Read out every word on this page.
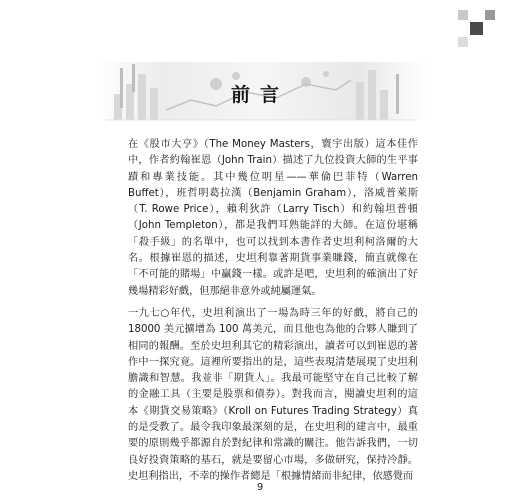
前言

在《股市大亨》（The Money Masters，寰宇出版）這本佳作中，作者約翰崔恩（John Train）描述了九位投資大師的生平事蹟和專業技能。其中幾位明星——華倫巴菲特（Warren Buffet），班哲明葛拉漢（Benjamin Graham），洛威普萊斯（T. Rowe Price），賴利狄許（Larry Tisch）和約翰坦普頓（John Templeton），都是我們耳熟能詳的大師。在這份堪稱「殺手級」的名單中，也可以找到本書作者史坦利柯洛爾的大名。根據崔恩的描述，史坦利靠著期貨事業賺錢，簡直就像在「不可能的賭場」中贏錢一樣。或許是吧，史坦利的確演出了好幾場精彩好戲，但那絕非意外或純屬運氣。

一九七○年代，史坦利演出了一場為時三年的好戲，將自己的 18000 美元擴增為 100 萬美元，而且他也為他的合夥人賺到了相同的報酬。至於史坦利其它的精彩演出，讀者可以到崔恩的著作中一探究竟。這裡所要指出的是，這些表現清楚展現了史坦利膽識和智慧。我並非「期貨人」。我最可能堅守在自己比較了解的金融工具（主要是股票和債券）。對我而言，閱讀史坦利的這本《期貨交易策略》（Kroll on Futures Trading Strategy）真的是受教了。最令我印象最深刻的是，在史坦利的建言中，最重要的原則幾乎都源自於對紀律和常識的關注。他告訴我們，一切良好投資策略的基石，就是要留心市場，多做研究，保持冷靜。史坦利指出，不幸的操作者總是「根據情緒而非紀律，依感覺而

9
